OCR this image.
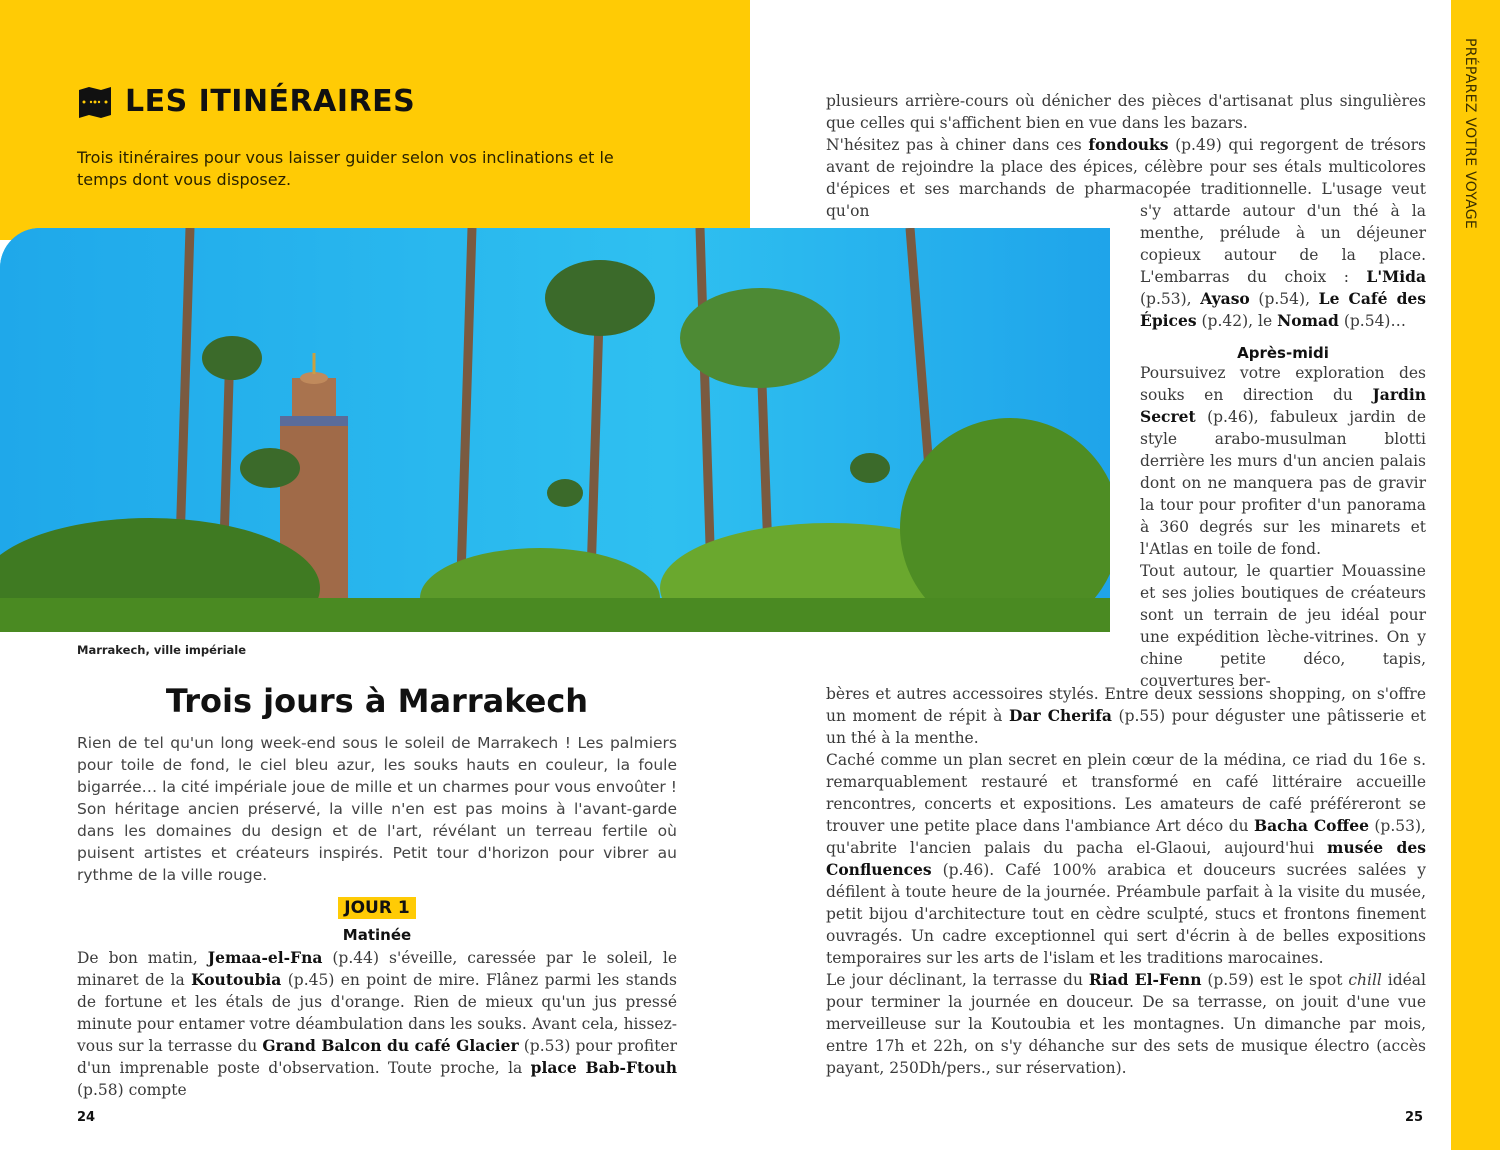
PRÉPAREZ VOTRE VOYAGE
LES ITINÉRAIRES

Trois itinéraires pour vous laisser guider selon vos inclinations et le temps dont vous disposez.

Marrakech, ville impériale
Trois jours à Marrakech

Rien de tel qu'un long week-end sous le soleil de Marrakech ! Les palmiers pour toile de fond, le ciel bleu azur, les souks hauts en couleur, la foule bigarrée… la cité impériale joue de mille et un charmes pour vous envoûter ! Son héritage ancien préservé, la ville n'en est pas moins à l'avant-garde dans les domaines du design et de l'art, révélant un terreau fertile où puisent artistes et créateurs inspirés. Petit tour d'horizon pour vibrer au rythme de la ville rouge.

JOUR 1
Matinée

De bon matin, Jemaa-el-Fna (p.44) s'éveille, caressée par le soleil, le minaret de la Koutoubia (p.45) en point de mire. Flânez parmi les stands de fortune et les étals de jus d'orange. Rien de mieux qu'un jus pressé minute pour entamer votre déambulation dans les souks. Avant cela, hissez-vous sur la terrasse du Grand Balcon du café Glacier (p.53) pour profiter d'un imprenable poste d'observation. Toute proche, la place Bab-Ftouh (p.58) compte

plusieurs arrière-cours où dénicher des pièces d'artisanat plus singulières que celles qui s'affichent bien en vue dans les bazars.

N'hésitez pas à chiner dans ces fondouks (p.49) qui regorgent de trésors avant de rejoindre la place des épices, célèbre pour ses étals multicolores d'épices et ses marchands de pharmacopée traditionnelle. L'usage veut qu'on	s'y attarde autour d'un thé à la menthe, prélude à un déjeuner copieux autour de la place. L'embarras du choix : L'Mida (p.53), Ayaso (p.54), Le Café des Épices (p.42), le Nomad (p.54)…

Après-midi

Poursuivez votre exploration des souks en direction du Jardin Secret (p.46), fabuleux jardin de style arabo-musulman blotti derrière les murs d'un ancien palais dont on ne manquera pas de gravir la tour pour profiter d'un panorama à 360 degrés sur les minarets et l'Atlas en toile de fond.

Tout autour, le quartier Mouassine et ses jolies boutiques de créateurs sont un terrain de jeu idéal pour une expédition lèche-vitrines. On y chine petite déco, tapis, couvertures ber-

bères et autres accessoires stylés. Entre deux sessions shopping, on s'offre un moment de répit à Dar Cherifa (p.55) pour déguster une pâtisserie et un thé à la menthe.

Caché comme un plan secret en plein cœur de la médina, ce riad du 16e s. remarquablement restauré et transformé en café littéraire accueille rencontres, concerts et expositions. Les amateurs de café préféreront se trouver une petite place dans l'ambiance Art déco du Bacha Coffee (p.53), qu'abrite l'ancien palais du pacha el-Glaoui, aujourd'hui musée des Confluences (p.46). Café 100% arabica et douceurs sucrées salées y défilent à toute heure de la journée. Préambule parfait à la visite du musée, petit bijou d'architecture tout en cèdre sculpté, stucs et frontons finement ouvragés. Un cadre exceptionnel qui sert d'écrin à de belles expositions temporaires sur les arts de l'islam et les traditions marocaines.

Le jour déclinant, la terrasse du Riad El-Fenn (p.59) est le spot chill idéal pour terminer la journée en douceur. De sa terrasse, on jouit d'une vue merveilleuse sur la Koutoubia et les montagnes. Un dimanche par mois, entre 17h et 22h, on s'y déhanche sur des sets de musique électro (accès payant, 250Dh/pers., sur réservation).

24	25
